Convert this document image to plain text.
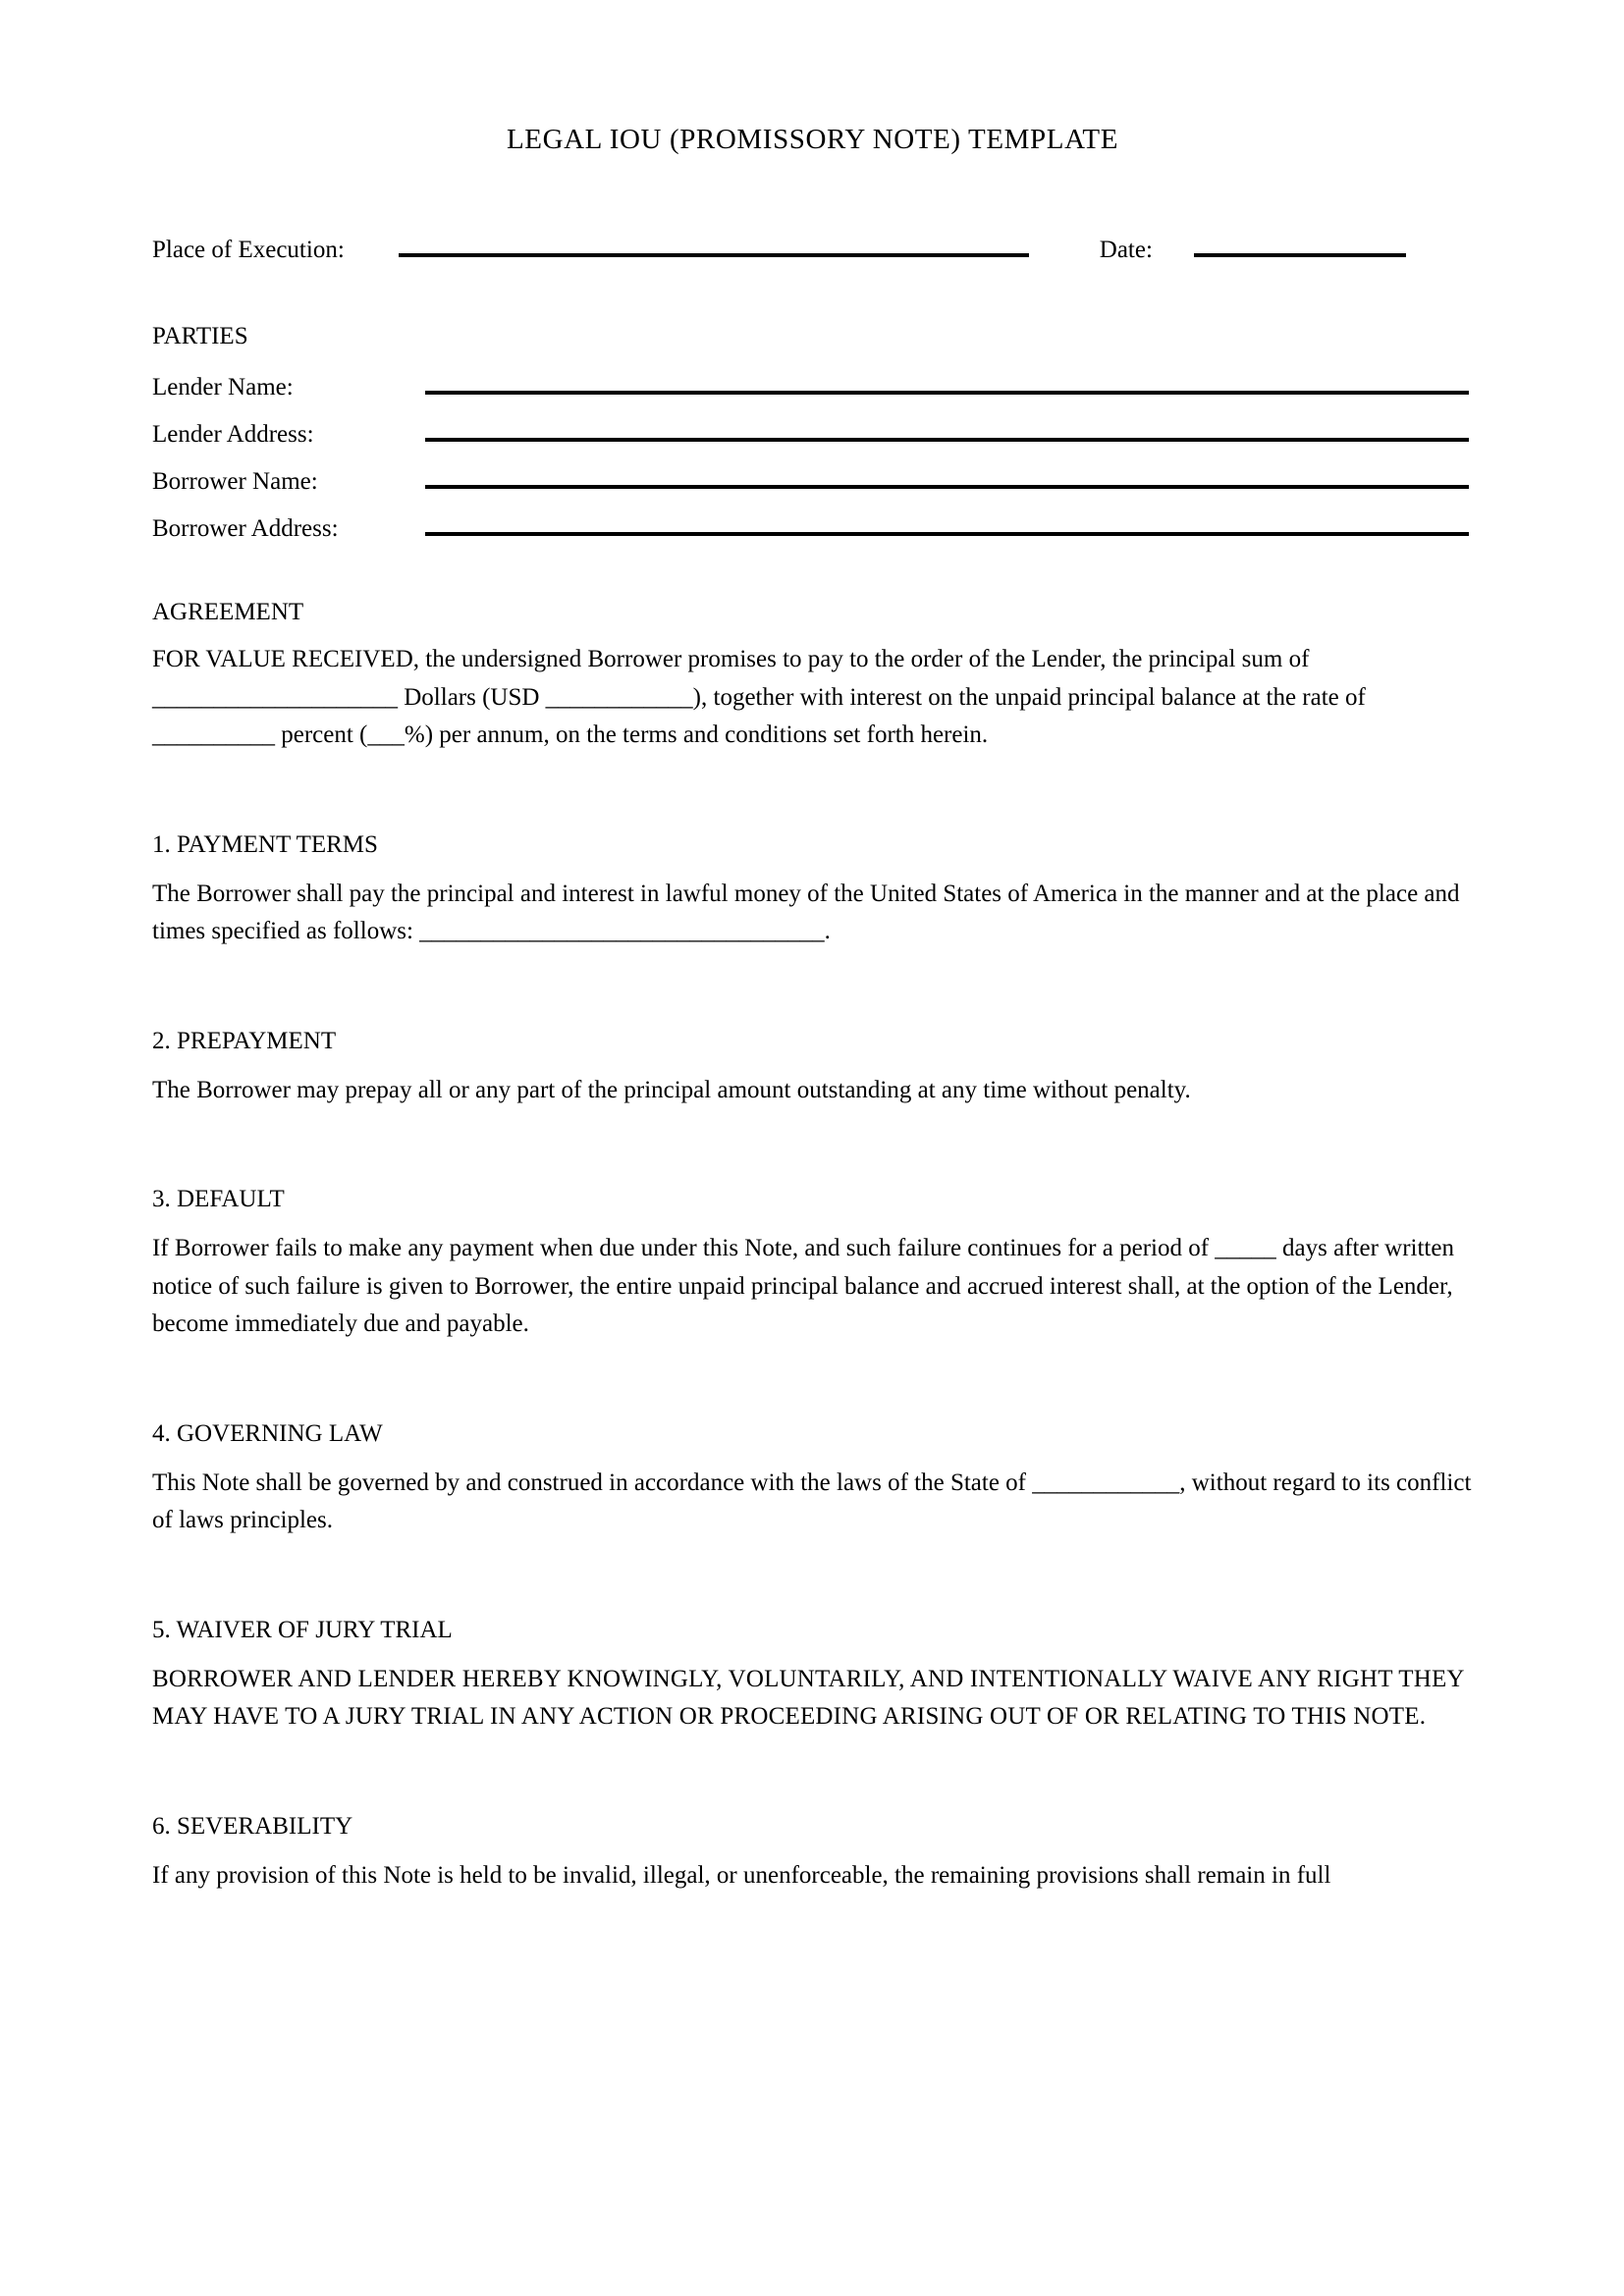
LEGAL IOU (PROMISSORY NOTE) TEMPLATE
Place of Execution:	Date:
PARTIES
Lender Name:
Lender Address:
Borrower Name:
Borrower Address:
AGREEMENT

FOR VALUE RECEIVED, the undersigned Borrower promises to pay to the order of the Lender, the principal sum of ____________________ Dollars (USD ____________), together with interest on the unpaid principal balance at the rate of __________ percent (___%) per annum, on the terms and conditions set forth herein.

1. PAYMENT TERMS

The Borrower shall pay the principal and interest in lawful money of the United States of America in the manner and at the place and times specified as follows: _________________________________.

2. PREPAYMENT

The Borrower may prepay all or any part of the principal amount outstanding at any time without penalty.

3. DEFAULT

If Borrower fails to make any payment when due under this Note, and such failure continues for a period of _____ days after written notice of such failure is given to Borrower, the entire unpaid principal balance and accrued interest shall, at the option of the Lender, become immediately due and payable.

4. GOVERNING LAW

This Note shall be governed by and construed in accordance with the laws of the State of ____________, without regard to its conflict of laws principles.

5. WAIVER OF JURY TRIAL

BORROWER AND LENDER HEREBY KNOWINGLY, VOLUNTARILY, AND INTENTIONALLY WAIVE ANY RIGHT THEY MAY HAVE TO A JURY TRIAL IN ANY ACTION OR PROCEEDING ARISING OUT OF OR RELATING TO THIS NOTE.

6. SEVERABILITY

If any provision of this Note is held to be invalid, illegal, or unenforceable, the remaining provisions shall remain in full
